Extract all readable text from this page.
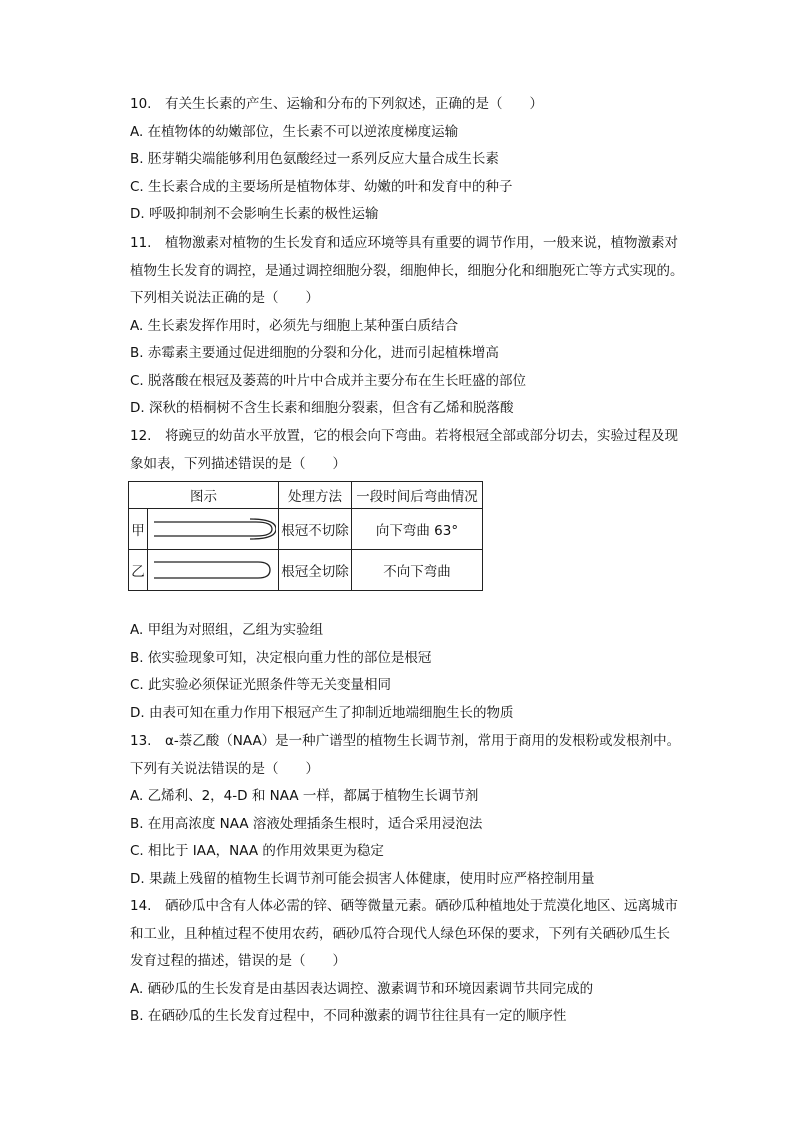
10.　有关生长素的产生、运输和分布的下列叙述，正确的是（　　）
A. 在植物体的幼嫩部位，生长素不可以逆浓度梯度运输
B. 胚芽鞘尖端能够利用色氨酸经过一系列反应大量合成生长素
C. 生长素合成的主要场所是植物体芽、幼嫩的叶和发育中的种子
D. 呼吸抑制剂不会影响生长素的极性运输
11.　植物激素对植物的生长发育和适应环境等具有重要的调节作用，一般来说，植物激素对
植物生长发育的调控，是通过调控细胞分裂，细胞伸长，细胞分化和细胞死亡等方式实现的。
下列相关说法正确的是（　　）
A. 生长素发挥作用时，必须先与细胞上某种蛋白质结合
B. 赤霉素主要通过促进细胞的分裂和分化，进而引起植株增高
C. 脱落酸在根冠及萎蔫的叶片中合成并主要分布在生长旺盛的部位
D. 深秋的梧桐树不含生长素和细胞分裂素，但含有乙烯和脱落酸
12.　将豌豆的幼苗水平放置，它的根会向下弯曲。若将根冠全部或部分切去，实验过程及现
象如表，下列描述错误的是（　　）
图示		处理方法	一段时间后弯曲情况
甲		根冠不切除	向下弯曲 63°
乙		根冠全切除	不向下弯曲
A. 甲组为对照组，乙组为实验组
B. 依实验现象可知，决定根向重力性的部位是根冠
C. 此实验必须保证光照条件等无关变量相同
D. 由表可知在重力作用下根冠产生了抑制近地端细胞生长的物质
13.　α-萘乙酸（NAA）是一种广谱型的植物生长调节剂，常用于商用的发根粉或发根剂中。
下列有关说法错误的是（　　）
A. 乙烯利、2，4-D 和 NAA 一样，都属于植物生长调节剂
B. 在用高浓度 NAA 溶液处理插条生根时，适合采用浸泡法
C. 相比于 IAA，NAA 的作用效果更为稳定
D. 果蔬上残留的植物生长调节剂可能会损害人体健康，使用时应严格控制用量
14.　硒砂瓜中含有人体必需的锌、硒等微量元素。硒砂瓜种植地处于荒漠化地区、远离城市
和工业，且种植过程不使用农药，硒砂瓜符合现代人绿色环保的要求，下列有关硒砂瓜生长
发育过程的描述，错误的是（　　）
A. 硒砂瓜的生长发育是由基因表达调控、激素调节和环境因素调节共同完成的
B. 在硒砂瓜的生长发育过程中，不同种激素的调节往往具有一定的顺序性
